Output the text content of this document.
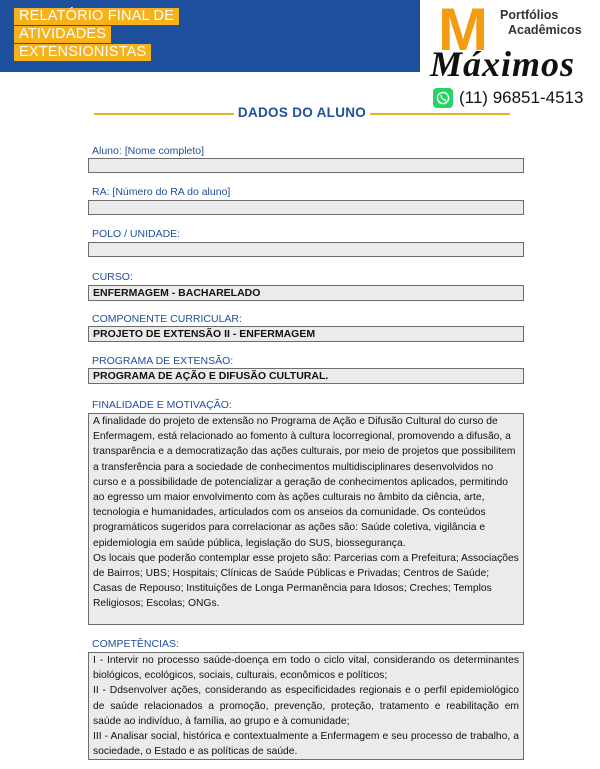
RELATÓRIO FINAL DE
ATIVIDADES
EXTENSIONISTAS	M Portfólios
Acadêmicos
Máximos
(11) 96851-4513
DADOS DO ALUNO
Aluno: [Nome completo]
RA: [Número do RA do aluno]
POLO / UNIDADE:
CURSO:
ENFERMAGEM - BACHARELADO
COMPONENTE CURRICULAR:
PROJETO DE EXTENSÃO II - ENFERMAGEM
PROGRAMA DE EXTENSÃO:
PROGRAMA DE AÇÃO E DIFUSÃO CULTURAL.
FINALIDADE E MOTIVAÇÃO:

A finalidade do projeto de extensão no Programa de Ação e Difusão Cultural do curso de Enfermagem, está relacionado ao fomento à cultura locorregional, promovendo a difusão, a transparência e a democratização das ações culturais, por meio de projetos que possibilitem a transferência para a sociedade de conhecimentos multidisciplinares desenvolvidos no curso e a possibilidade de potencializar a geração de conhecimentos aplicados, permitindo ao egresso um maior envolvimento com às ações culturais no âmbito da ciência, arte, tecnologia e humanidades, articulados com os anseios da comunidade. Os conteúdos programáticos sugeridos para correlacionar as ações são: Saúde coletiva, vigilância e epidemiologia em saúde pública, legislação do SUS, biossegurança.

Os locais que poderão contemplar esse projeto são: Parcerias com a Prefeitura; Associações de Bairros; UBS; Hospitais; Clínicas de Saúde Públicas e Privadas; Centros de Saúde; Casas de Repouso; Instituições de Longa Permanência para Idosos; Creches; Templos Religiosos; Escolas; ONGs.

COMPETÊNCIAS:

I - Intervir no processo saúde-doença em todo o ciclo vital, considerando os determinantes biológicos, ecológicos, sociais, culturais, econômicos e políticos;

II - Ddsenvolver ações, considerando as especificidades regionais e o perfil epidemiológico de saúde relacionados a promoção, prevenção, proteção, tratamento e reabilitação em saúde ao indivíduo, à família, ao grupo e à comunidade;

III - Analisar social, histórica e contextualmente a Enfermagem e seu processo de trabalho, a sociedade, o Estado e as políticas de saúde.
